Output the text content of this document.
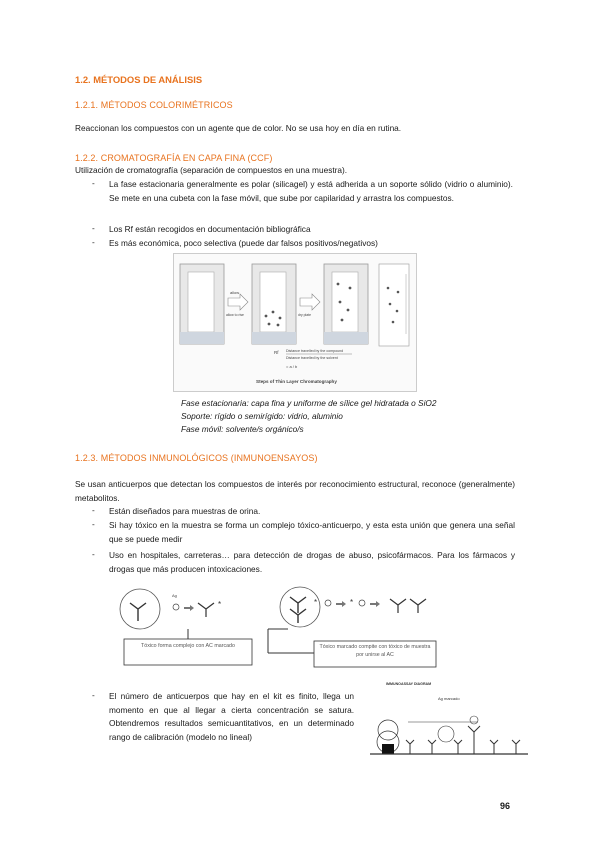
1.2. MÉTODOS DE ANÁLISIS
1.2.1. MÉTODOS COLORIMÉTRICOS
Reaccionan los compuestos con un agente que de color. No se usa hoy en día en rutina.
1.2.2. CROMATOGRAFÍA EN CAPA FINA (CCF)
Utilización de cromatografía (separación de compuestos en una muestra).
- La fase estacionaria generalmente es polar (silicagel) y está adherida a un soporte sólido (vidrio o aluminio). Se mete en una cubeta con la fase móvil, que sube por capilaridad y arrastra los compuestos.
- Los Rf están recogidos en documentación bibliográfica
- Es más económica, poco selectiva (puede dar falsos positivos/negativos)
allow
Rf Distance travelled by the compound
Distance travelled by the solvent
= a / b
Steps of Thin Layer Chromatography
allow to rise	dry plate
Fase estacionaria: capa fina y uniforme de sílice gel hidratada o SiO2
Soporte: rígido o semirígido: vidrio, aluminio
Fase móvil: solvente/s orgánico/s
1.2.3. MÉTODOS INMUNOLÓGICOS (INMUNOENSAYOS)
Se usan anticuerpos que detectan los compuestos de interés por reconocimiento estructural, reconoce (generalmente) metabolitos.
- Están diseñados para muestras de orina.
- Si hay tóxico en la muestra se forma un complejo tóxico-anticuerpo, y esta esta unión que genera una señal que se puede medir
- Uso en hospitales, carreteras… para detección de drogas de abuso, psicofármacos. Para los fármacos y drogas que más producen intoxicaciones.
Ag
*	*	*
Tóxico forma complejo con AC marcado	Tóxico marcado compite con tóxico de muestra por unirse al AC
- El número de anticuerpos que hay en el kit es finito, llega un momento en que al llegar a cierta concentración se satura. Obtendremos resultados semicuantitativos, en un determinado rango de calibración (modelo no lineal)
IMMUNOASSAY DIAGRAM
Ag marcado
96
